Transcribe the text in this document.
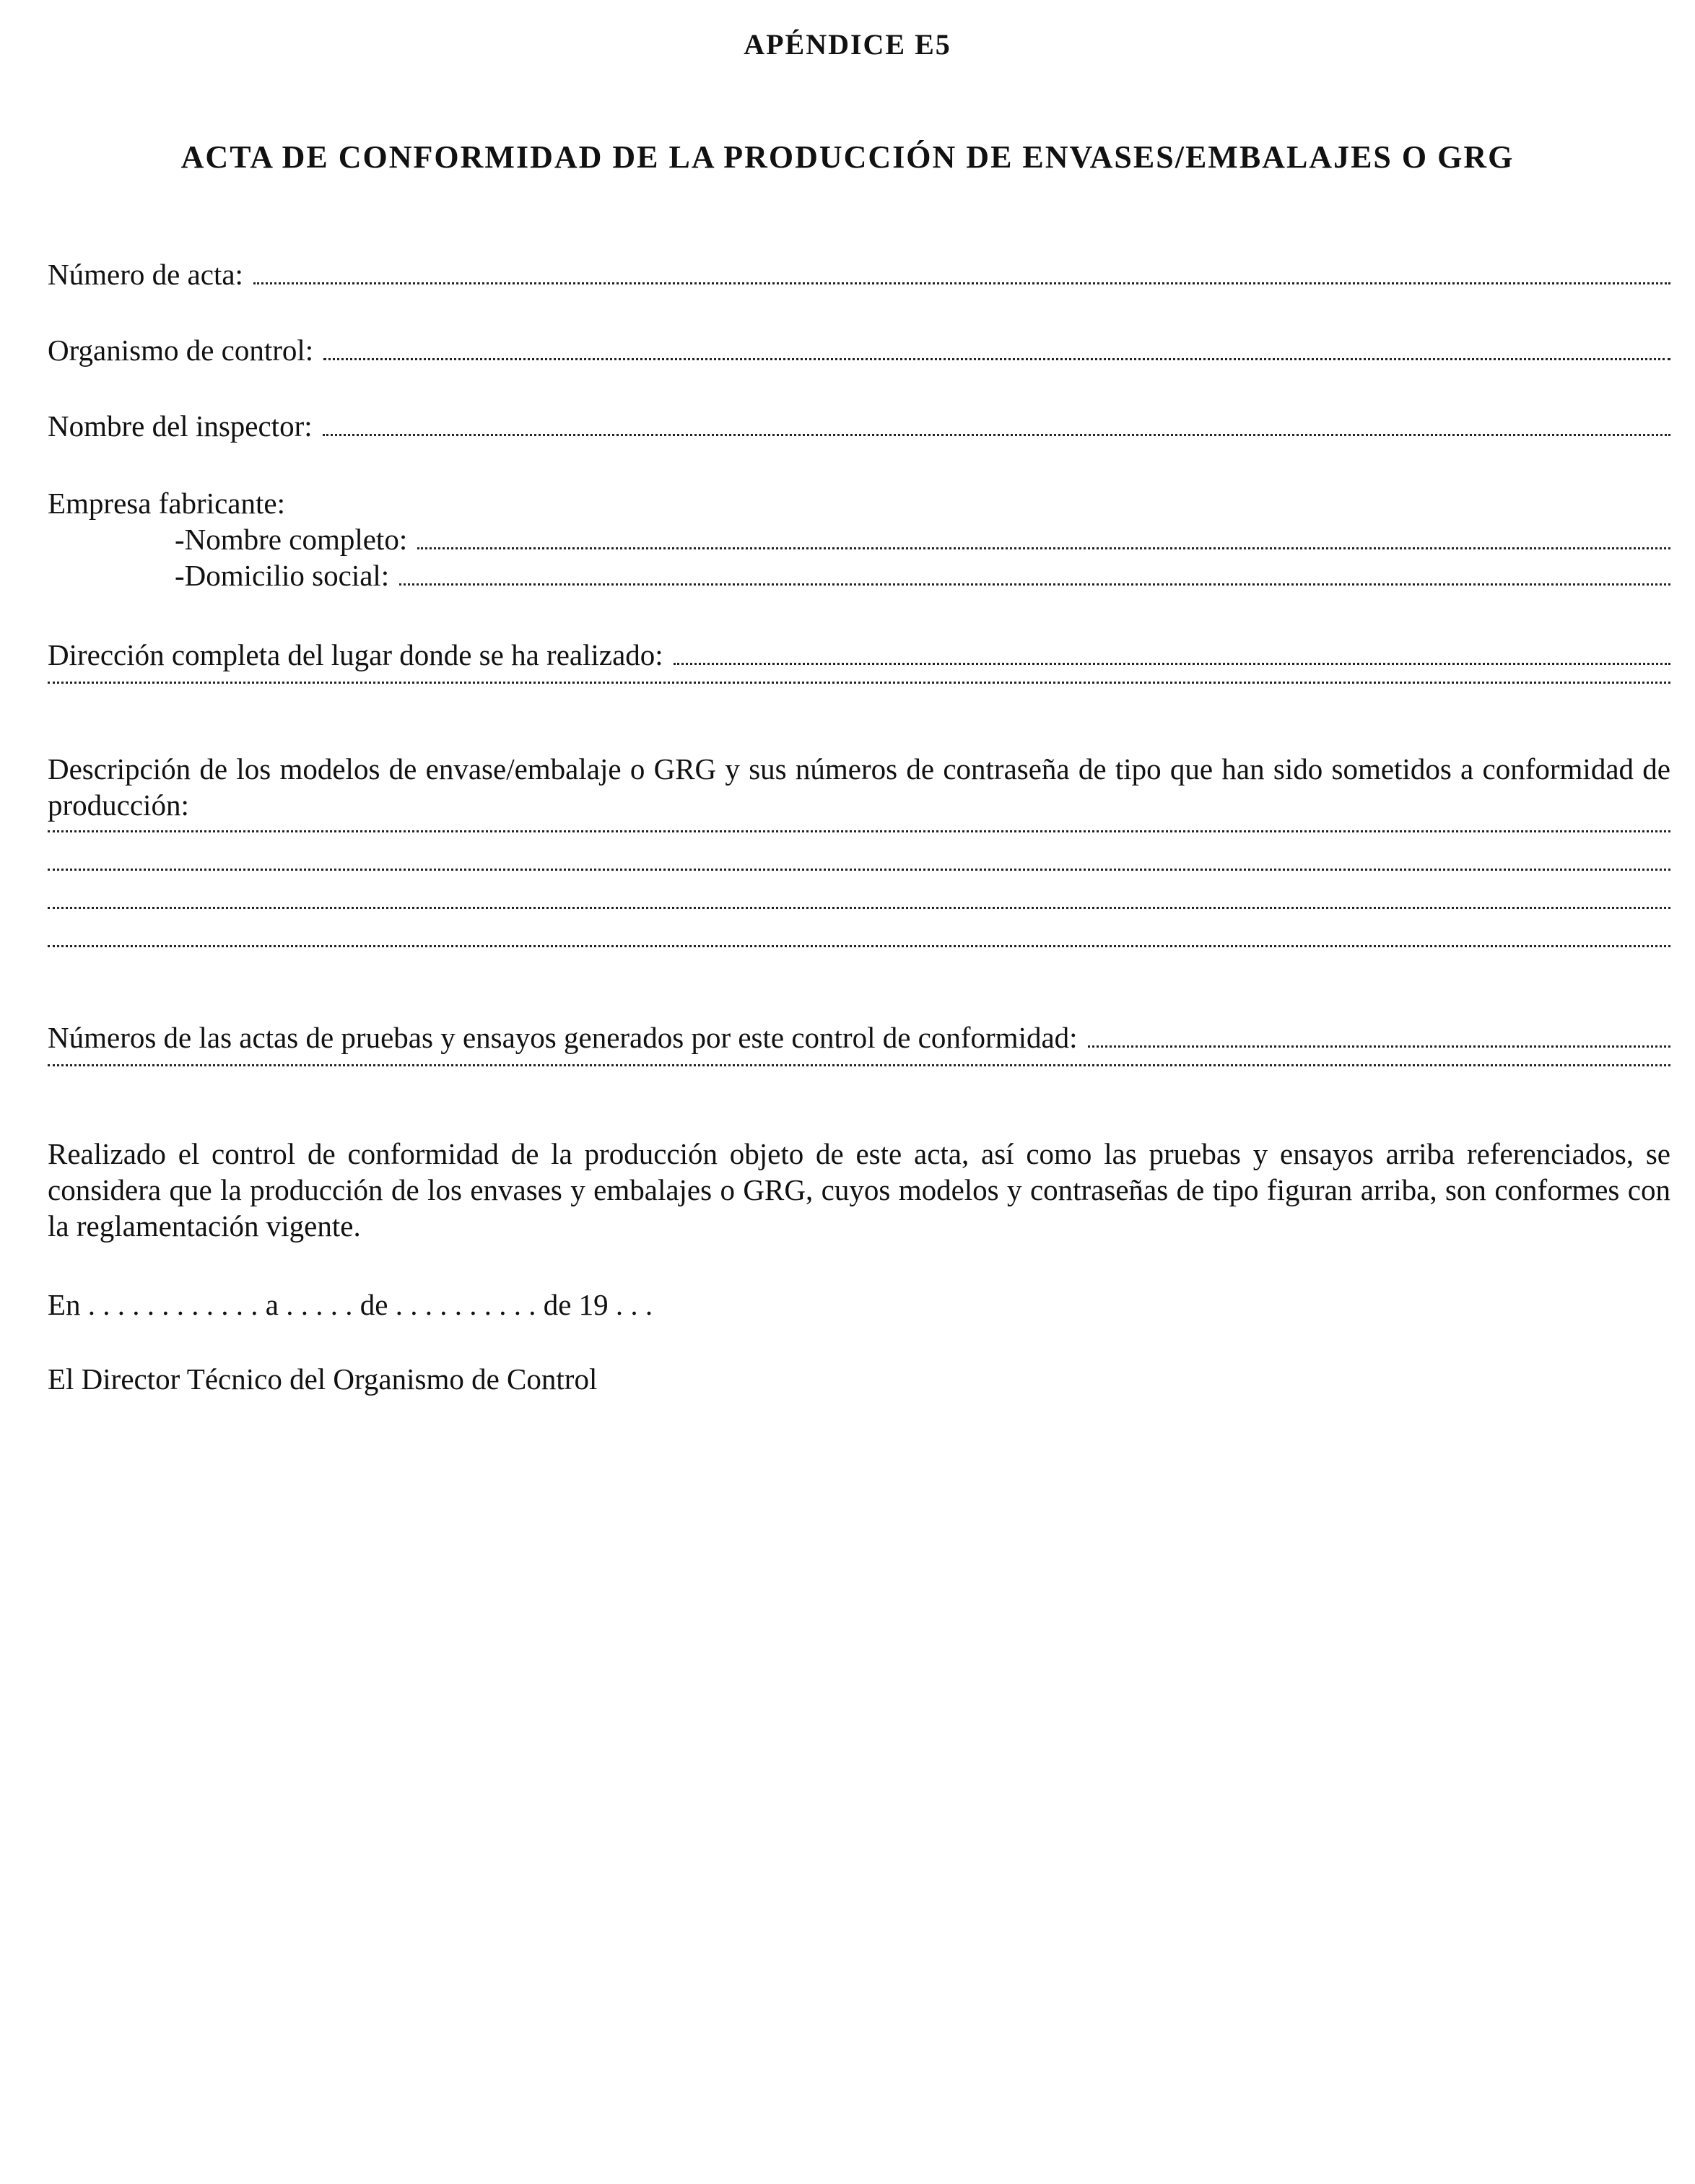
APÉNDICE E5
ACTA DE CONFORMIDAD DE LA PRODUCCIÓN DE ENVASES/EMBALAJES O GRG
Número de acta:
Organismo de control:
Nombre del inspector:
Empresa fabricante:
-Nombre completo:
-Domicilio social:
Dirección completa del lugar donde se ha realizado:
Descripción de los modelos de envase/embalaje o GRG y sus números de contraseña de tipo que han sido sometidos a conformidad de producción:
Números de las actas de pruebas y ensayos generados por este control de conformidad:
Realizado el control de conformidad de la producción objeto de este acta, así como las pruebas y ensayos arriba referenciados, se considera que la producción de los envases y embalajes o GRG, cuyos modelos y contraseñas de tipo figuran arriba, son conformes con la reglamentación vigente.
En . . . . . . . . . . . . a . . . . . de . . . . . . . . . . de 19 . . .
El Director Técnico del Organismo de Control
